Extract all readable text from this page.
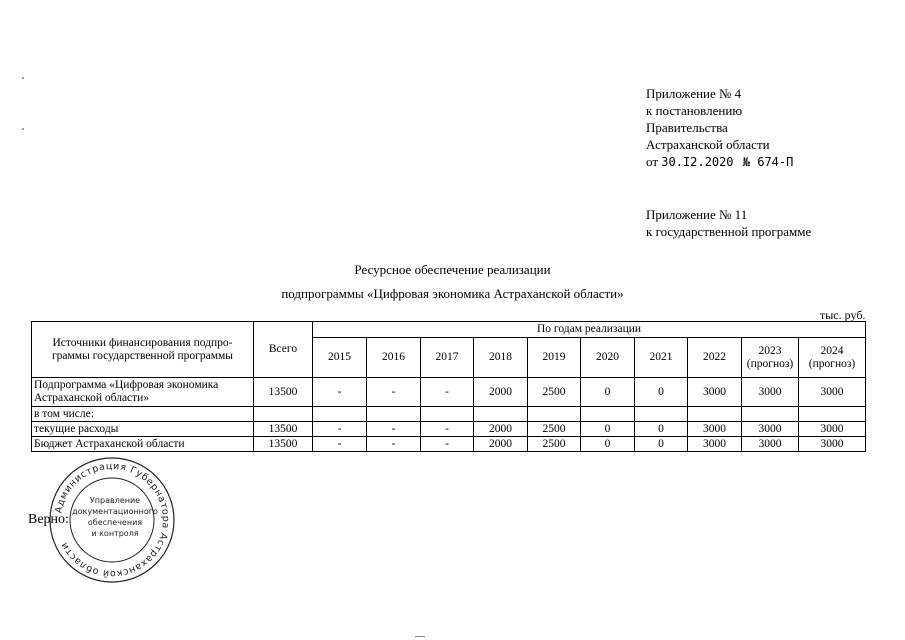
Приложение № 4
к постановлению
Правительства
Астраханской области
от 30.I2.2020 № 674-П
Приложение № 11
к государственной программе
Ресурсное обеспечение реализации
подпрограммы «Цифровая экономика Астраханской области»
тыс. руб.
Источники финансирования подпро-граммы государственной программы	Всего	По годам реализации									
		2015	2016	2017	2018	2019	2020	2021	2022	2023 (прогноз)	2024 (прогноз)
Подпрограмма «Цифровая экономика Астраханской области»	13500	-	-	-	2000	2500	0	0	3000	3000	3000
в том числе:											
текущие расходы	13500	-	-	-	2000	2500	0	0	3000	3000	3000
Бюджет Астраханской области	13500	-	-	-	2000	2500	0	0	3000	3000	3000
Верно:
Администрация Губернатора Астраханской области
Управление
документационного
обеспечения
и контроля
